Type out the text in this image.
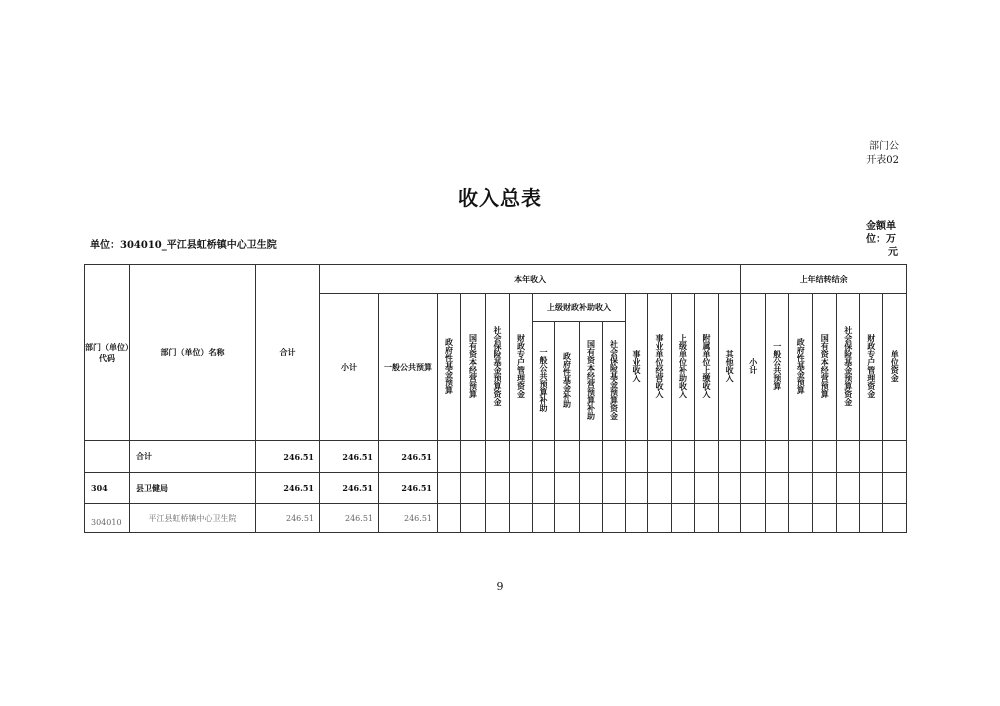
部门公
开表02
收入总表
单位：304010_平江县虹桥镇中心卫生院
金额单
位：万
元
部门（单位）代码	部门（单位）名称	合计	本年收入															上年结转结余						
			小计	一般公共预算	政府性基金预算	国有资本经营预算	社会保险基金预算资金	财政专户管理资金	上级财政补助收入				事业收入	事业单位经营收入	上级单位补助收入	附属单位上缴收入	其他收入	小计	一般公共预算	政府性基金预算	国有资本经营预算	社会保险基金预算资金	财政专户管理资金	单位资金
									一般公共预算补助	政府性基金补助	国有资本经营预算补助	社会保险基金预算资金												
	合计	246.51	246.51	246.51																				
304	县卫健局	246.51	246.51	246.51																				
304010	平江县虹桥镇中心卫生院	246.51	246.51	246.51																				
9
